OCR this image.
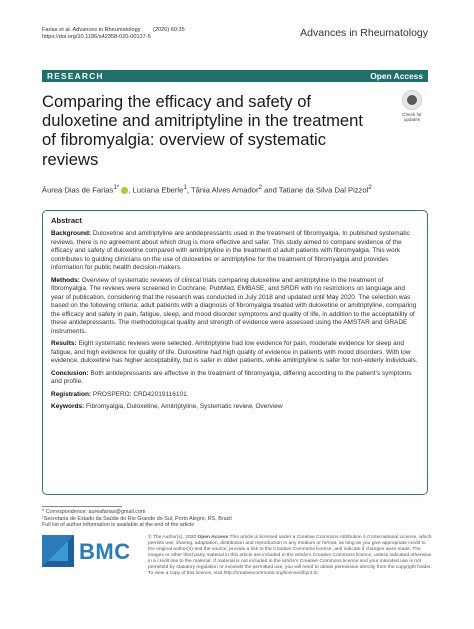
Farias et al. Advances in Rheumatology (2020) 60:35
https://doi.org/10.1186/s42358-020-00137-5	Advances in Rheumatology
RESEARCH	Open Access
Comparing the efficacy and safety of duloxetine and amitriptyline in the treatment of fibromyalgia: overview of systematic reviews
Check for updates
Áurea Dias de Farias$^{1*}$ , Luciana Eberle$^1$, Tânia Alves Amador$^2$ and Tatiane da Silva Dal Pizzol$^2$
Abstract

Background: Duloxetine and amitriptyline are antidepressants used in the treatment of fibromyalgia. In published systematic reviews, there is no agreement about which drug is more effective and safer. This study aimed to compare evidence of the efficacy and safety of duloxetine compared with amitriptyline in the treatment of adult patients with fibromyalgia. This work contributes to guiding clinicians on the use of duloxetine or amitriptyline for the treatment of fibromyalgia and provides information for public health decision-makers.

Methods: Overview of systematic reviews of clinical trials comparing duloxetine and amitriptyline in the treatment of fibromyalgia. The reviews were screened in Cochrane, PubMed, EMBASE, and SRDR with no restrictions on language and year of publication, considering that the research was conducted in July 2018 and updated until May 2020. The selection was based on the following criteria: adult patients with a diagnosis of fibromyalgia treated with duloxetine or amitriptyline, comparing the efficacy and safety in pain, fatigue, sleep, and mood disorder symptoms and quality of life, in addition to the acceptability of these antidepressants. The methodological quality and strength of evidence were assessed using the AMSTAR and GRADE instruments.

Results: Eight systematic reviews were selected. Amitriptyline had low evidence for pain, moderate evidence for sleep and fatigue, and high evidence for quality of life. Duloxetine had high quality of evidence in patients with mood disorders. With low evidence, duloxetine has higher acceptability, but is safer in older patients, while amitriptyline is safer for non-elderly individuals.

Conclusion: Both antidepressants are effective in the treatment of fibromyalgia, differing according to the patient's symptoms and profile.

Registration: PROSPERO: CRD42019116101.

Keywords: Fibromyalgia, Duloxetine, Amitriptyline, Systematic review, Overview

* Correspondence: aureafarias@gmail.com
¹Secretaria de Estado da Saúde do Rio Grande do Sul, Porto Alegre, RS, Brazil
Full list of author information is available at the end of the article
BMC
© The Author(s). 2020 Open Access This article is licensed under a Creative Commons Attribution 4.0 International License, which permits use, sharing, adaptation, distribution and reproduction in any medium or format, as long as you give appropriate credit to the original author(s) and the source, provide a link to the Creative Commons licence, and indicate if changes were made. The images or other third party material in this article are included in the article's Creative Commons licence, unless indicated otherwise in a credit line to the material. If material is not included in the article's Creative Commons licence and your intended use is not permitted by statutory regulation or exceeds the permitted use, you will need to obtain permission directly from the copyright holder. To view a copy of this licence, visit http://creativecommons.org/licenses/by/4.0/.
